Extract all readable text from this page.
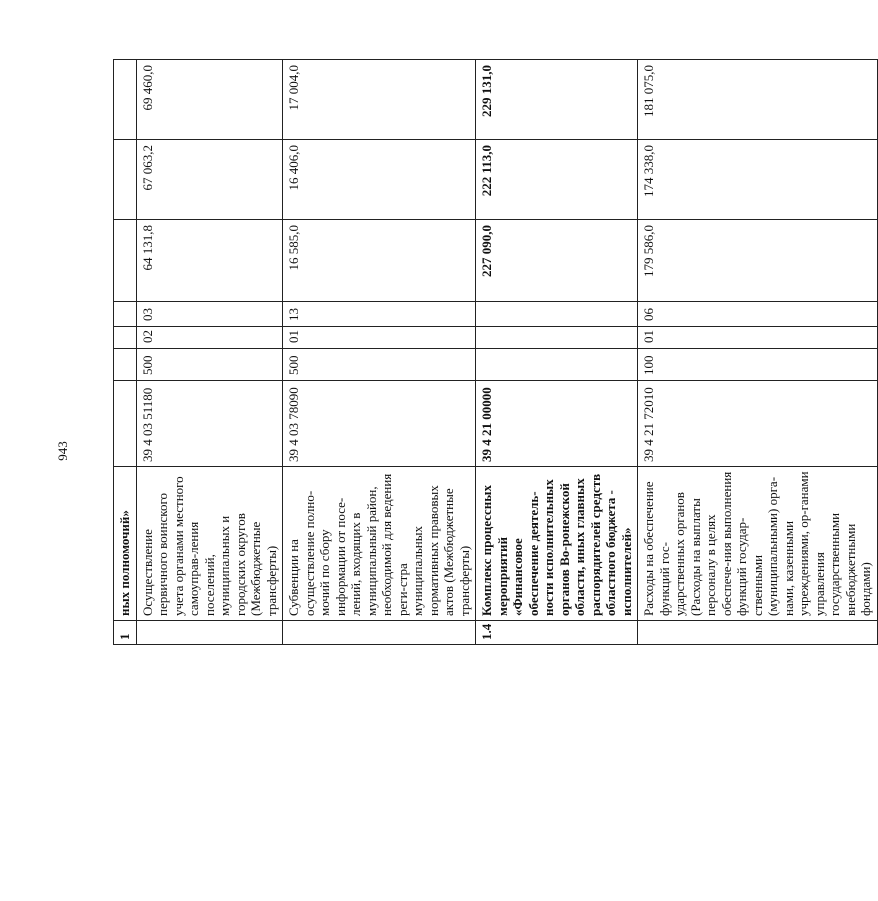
943
1	ных полномочий»							
	Осуществление первичного воинского учета органами местного самоуправ-ления поселений, муниципальных и городских округов (Межбюджетные трансферты)	39 4 03 51180	500	02	03	64 131,8	67 063,2	69 460,0
	Субвенции на осуществление полно-мочий по сбору информации от посе-лений, входящих в муниципальный район, необходимой для ведения реги-стра муниципальных нормативных правовых актов (Межбюджетные трансферты)	39 4 03 78090	500	01	13	16 585,0	16 406,0	17 004,0
1.4	Комплекс процессных мероприятий «Финансовое обеспечение деятель-ности исполнительных органов Во-ронежской области, иных главных распорядителей средств областного бюджета - исполнителей»	39 4 21 00000				227 090,0	222 113,0	229 131,0
	Расходы на обеспечение функций гос-ударственных органов (Расходы на выплаты персоналу в целях обеспече-ния выполнения функций государ-ственными (муниципальными) орга-нами, казенными учреждениями, ор-ганами управления государственными внебюджетными фондами)	39 4 21 72010	100	01	06	179 586,0	174 338,0	181 075,0
